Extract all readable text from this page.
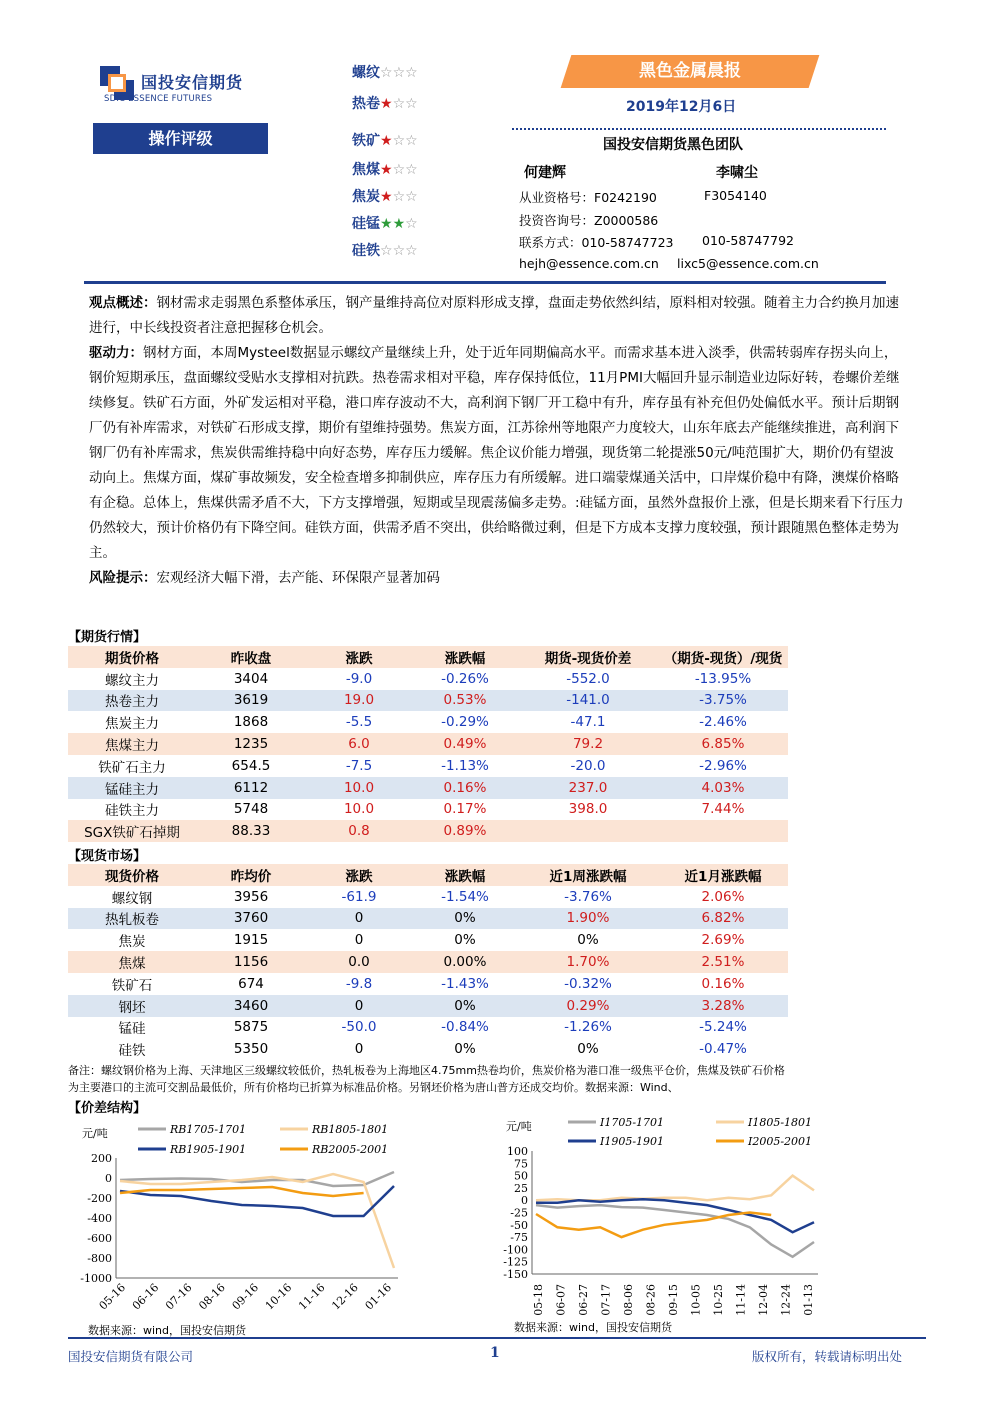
国投安信期货
SDIC ESSENCE FUTURES
操作评级
螺纹☆☆☆
热卷★☆☆
铁矿★☆☆
焦煤★☆☆
焦炭★☆☆
硅锰★★☆
硅铁☆☆☆
黑色金属晨报
2019年12月6日
国投安信期货黑色团队
何建辉	李啸尘
从业资格号：F0242190	F3054140
投资咨询号：Z0000586
联系方式：010-58747723 010-58747792
hejh@essence.com.cn lixc5@essence.com.cn

观点概述：钢材需求走弱黑色系整体承压，钢产量维持高位对原料形成支撑，盘面走势依然纠结，原料相对较强。随着主力合约换月加速进行，中长线投资者注意把握移仓机会。

驱动力：钢材方面，本周Mysteel数据显示螺纹产量继续上升，处于近年同期偏高水平。而需求基本进入淡季，供需转弱库存拐头向上，钢价短期承压，盘面螺纹受贴水支撑相对抗跌。热卷需求相对平稳，库存保持低位，11月PMI大幅回升显示制造业边际好转，卷螺价差继续修复。铁矿石方面，外矿发运相对平稳，港口库存波动不大，高利润下钢厂开工稳中有升，库存虽有补充但仍处偏低水平。预计后期钢厂仍有补库需求，对铁矿石形成支撑，期价有望维持强势。焦炭方面，江苏徐州等地限产力度较大，山东年底去产能继续推进，高利润下钢厂仍有补库需求，焦炭供需维持稳中向好态势，库存压力缓解。焦企议价能力增强，现货第二轮提涨50元/吨范围扩大，期价仍有望波动向上。焦煤方面，煤矿事故频发，安全检查增多抑制供应，库存压力有所缓解。进口端蒙煤通关活中，口岸煤价稳中有降，澳煤价格略有企稳。总体上，焦煤供需矛盾不大，下方支撑增强，短期或呈现震荡偏多走势。:硅锰方面，虽然外盘报价上涨，但是长期来看下行压力仍然较大，预计价格仍有下降空间。硅铁方面，供需矛盾不突出，供给略微过剩，但是下方成本支撑力度较强，预计跟随黑色整体走势为主。

风险提示：宏观经济大幅下滑，去产能、环保限产显著加码

【期货行情】
期货价格	昨收盘	涨跌	涨跌幅	期货-现货价差	（期货-现货）/现货
螺纹主力	3404	-9.0	-0.26%	-552.0	-13.95%
热卷主力	3619	19.0	0.53%	-141.0	-3.75%
焦炭主力	1868	-5.5	-0.29%	-47.1	-2.46%
焦煤主力	1235	6.0	0.49%	79.2	6.85%
铁矿石主力	654.5	-7.5	-1.13%	-20.0	-2.96%
锰硅主力	6112	10.0	0.16%	237.0	4.03%
硅铁主力	5748	10.0	0.17%	398.0	7.44%
SGX铁矿石掉期	88.33	0.8	0.89%		
【现货市场】
现货价格	昨均价	涨跌	涨跌幅	近1周涨跌幅	近1月涨跌幅
螺纹钢	3956	-61.9	-1.54%	-3.76%	2.06%
热轧板卷	3760	0	0%	1.90%	6.82%
焦炭	1915	0	0%	0%	2.69%
焦煤	1156	0.0	0.00%	1.70%	2.51%
铁矿石	674	-9.8	-1.43%	-0.32%	0.16%
钢坯	3460	0	0%	0.29%	3.28%
锰硅	5875	-50.0	-0.84%	-1.26%	-5.24%
硅铁	5350	0	0%	0%	-0.47%
备注：螺纹钢价格为上海、天津地区三级螺纹较低价，热轧板卷为上海地区4.75mm热卷均价，焦炭价格为港口准一级焦平仓价，焦煤及铁矿石价格为主要港口的主流可交割品最低价，所有价格均已折算为标准品价格。另钢坯价格为唐山普方还成交均价。数据来源：Wind、
【价差结构】
元/吨
200
0
-200
-400
-600
-800
-1000
05-16 06-16 07-16 08-16 09-16 10-16 11-16 12-16 01-16
RB1705-1701	RB1805-1801
RB1905-1901	RB2005-2001
元/吨
100
75
50
25
0
-25
-50
-75
-100
-125
-150
05-18 06-07 06-27 07-17 08-06 08-26 09-15 10-05 10-25 11-14 12-04 12-24 01-13
I1705-1701	I1805-1801
I1905-1901	I2005-2001
数据来源：wind，国投安信期货	数据来源：wind，国投安信期货
国投安信期货有限公司	1	版权所有，转载请标明出处
